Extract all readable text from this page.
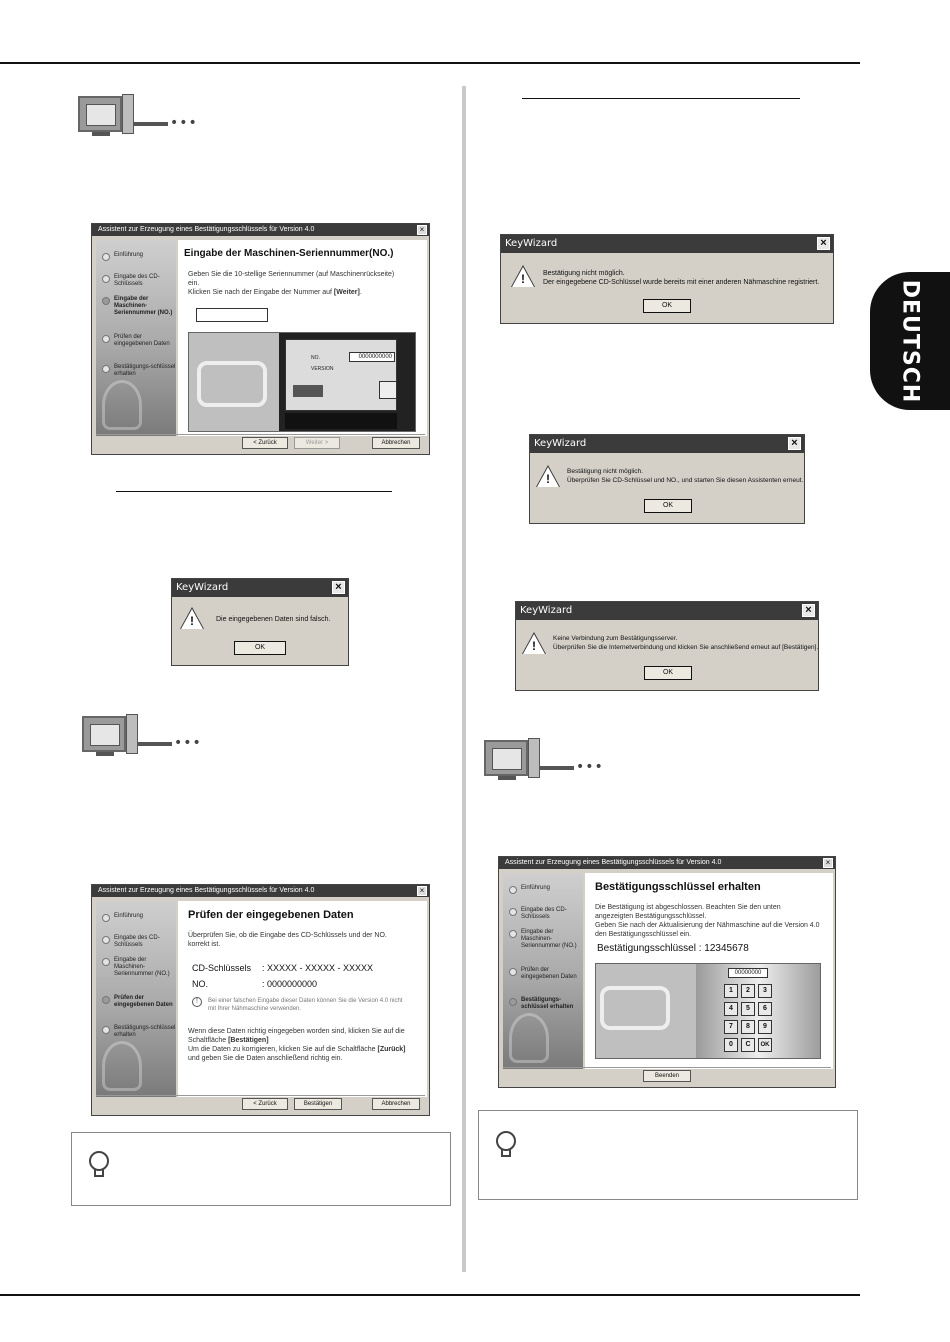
DEUTSCH
•••
•••
•••
Assistent zur Erzeugung eines Bestätigungsschlüssels für Version 4.0	×
Einführung
Eingabe des CD-Schlüssels
Eingabe der Maschinen-Seriennummer (NO.)
Prüfen der eingegebenen Daten
Bestätigungs-schlüssel erhalten
Eingabe der Maschinen-Seriennummer(NO.)
Geben Sie die 10-stellige Seriennummer (auf Maschinenrückseite) ein.
Klicken Sie nach der Eingabe der Nummer auf [Weiter].
NO.	0000000000
VERSION
< Zurück	Weiter >	Abbrechen
KeyWizard	×
!	Die eingegebenen Daten sind falsch.
OK
Assistent zur Erzeugung eines Bestätigungsschlüssels für Version 4.0	×
Einführung
Eingabe des CD-Schlüssels
Eingabe der Maschinen-Seriennummer (NO.)
Prüfen der eingegebenen Daten
Bestätigungs-schlüssel erhalten
Prüfen der eingegebenen Daten
Überprüfen Sie, ob die Eingabe des CD-Schlüssels und der NO. korrekt ist.
CD-Schlüssels : XXXXX - XXXXX - XXXXX
NO.	: 0000000000
!	Bei einer falschen Eingabe dieser Daten können Sie die Version 4.0 nicht mit Ihrer Nähmaschine verwenden.
Wenn diese Daten richtig eingegeben worden sind, klicken Sie auf die Schaltfläche [Bestätigen]
Um die Daten zu korrigieren, klicken Sie auf die Schaltfläche [Zurück]
und geben Sie die Daten anschließend richtig ein.
< Zurück	Bestätigen	Abbrechen
KeyWizard	×
!	Bestätigung nicht möglich.
Der eingegebene CD-Schlüssel wurde bereits mit einer anderen Nähmaschine registriert.
OK
KeyWizard	×
!
Bestätigung nicht möglich.
Überprüfen Sie CD-Schlüssel und NO., und starten Sie diesen Assistenten erneut.
OK
KeyWizard	×
!
Keine Verbindung zum Bestätigungsserver.
Überprüfen Sie die Internetverbindung und klicken Sie anschließend erneut auf [Bestätigen].
OK
Assistent zur Erzeugung eines Bestätigungsschlüssels für Version 4.0	×
Einführung
Eingabe des CD-Schlüssels
Eingabe der Maschinen-Seriennummer (NO.)
Prüfen der eingegebenen Daten
Bestätigungs-schlüssel erhalten
Bestätigungsschlüssel erhalten
Die Bestätigung ist abgeschlossen. Beachten Sie den unten angezeigten Bestätigungsschlüssel.
Geben Sie nach der Aktualisierung der Nähmaschine auf die Version 4.0 den Bestätigungsschlüssel ein.
Bestätigungsschlüssel : 12345678
00000000
1	2	3
4	5	6
7	8	9
0	C	OK
Beenden
